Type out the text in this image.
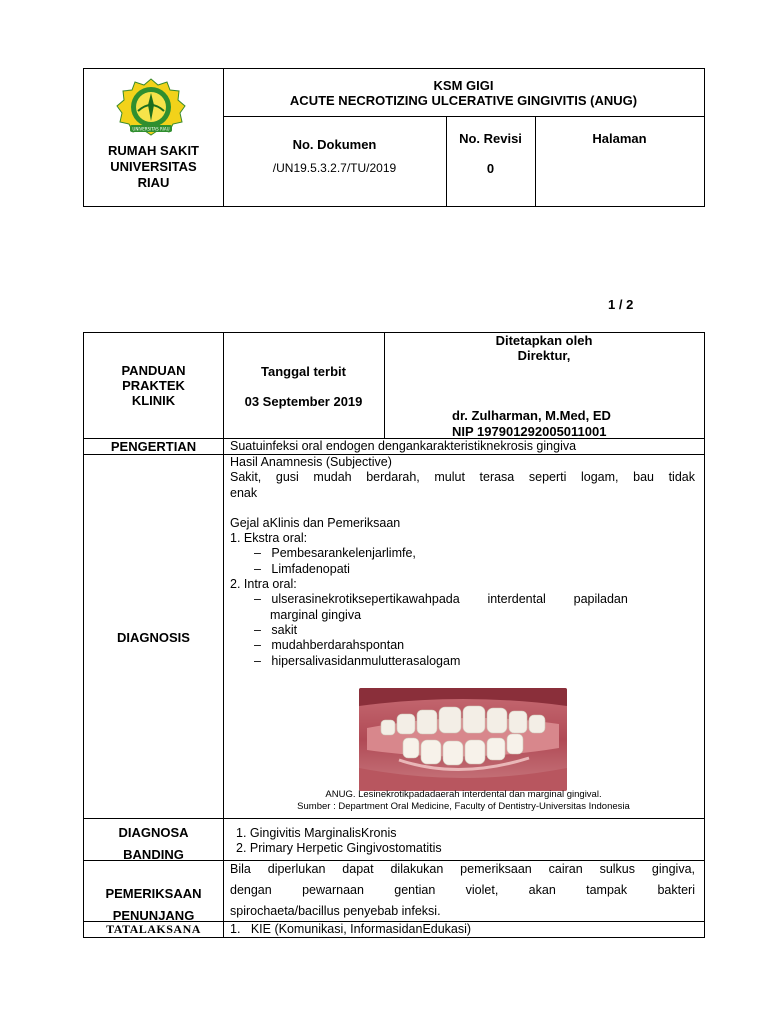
UNIVERSITAS RIAU
RUMAH SAKIT
UNIVERSITAS
RIAU
KSM GIGI
ACUTE NECROTIZING ULCERATIVE GINGIVITIS (ANUG)
No. Dokumen
/UN19.5.3.2.7/TU/2019
No. Revisi
0
Halaman
1 / 2
PANDUAN
PRAKTEK
KLINIK
Tanggal terbit
03 September 2019
Ditetapkan oleh
Direktur,
dr. Zulharman, M.Med, ED
NIP 197901292005011001
PENGERTIAN	Suatuinfeksi oral endogen dengankarakteristiknekrosis gingiva
DIAGNOSIS
Hasil Anamnesis (Subjective)
Sakit, gusi mudah berdarah, mulut terasa seperti logam, bau tidak
enak
Gejal aKlinis dan Pemeriksaan
1. Ekstra oral:
–   Pembesarankelenjarlimfe,
–   Limfadenopati
2. Intra oral:
– ulserasinekrotiksepertikawahpada        interdental        papiladan
marginal gingiva
–   sakit
–   mudahberdarahspontan
–   hipersalivasidanmulutterasalogam
ANUG. Lesinekrotikpadadaerah interdental dan marginal gingival.
Sumber : Department Oral Medicine, Faculty of Dentistry-Universitas Indonesia
DIAGNOSA
BANDING
1. Gingivitis MarginalisKronis
2. Primary Herpetic Gingivostomatitis
PEMERIKSAAN
PENUNJANG
Bila diperlukan dapat dilakukan pemeriksaan cairan sulkus gingiva,
dengan    pewarnaan    gentian    violet,    akan    tampak    bakteri
spirochaeta/bacillus penyebab infeksi.
TATALAKSANA	1.   KIE (Komunikasi, InformasidanEdukasi)
